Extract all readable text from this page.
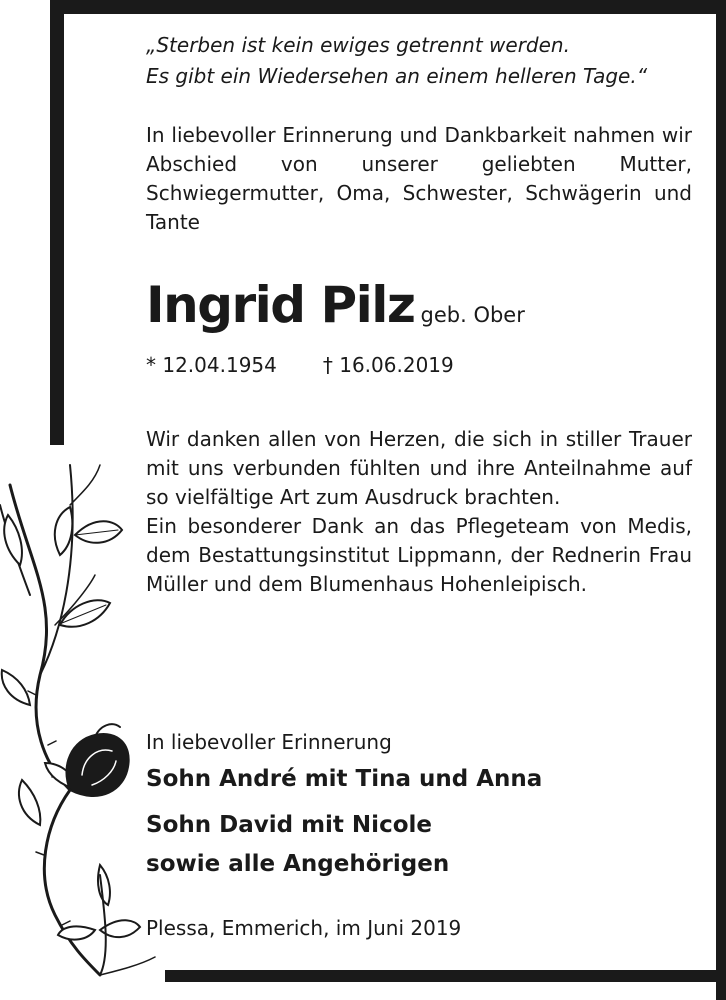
„Sterben ist kein ewiges getrennt werden.
Es gibt ein Wiedersehen an einem helleren Tage.“
In liebevoller Erinnerung und Dankbarkeit nahmen wir Abschied von unserer geliebten Mutter, Schwiegermutter, Oma, Schwester, Schwägerin und Tante
Ingrid Pilz geb. Ober
* 12.04.1954 † 16.06.2019

Wir danken allen von Herzen, die sich in stiller Trauer mit uns verbunden fühlten und ihre Anteilnahme auf so vielfältige Art zum Ausdruck brachten.

Ein besonderer Dank an das Pflegeteam von Medis, dem Bestattungsinstitut Lippmann, der Rednerin Frau Müller und dem Blumenhaus Hohenleipisch.

In liebevoller Erinnerung
Sohn André mit Tina und Anna
Sohn David mit Nicole
sowie alle Angehörigen
Plessa, Emmerich, im Juni 2019
